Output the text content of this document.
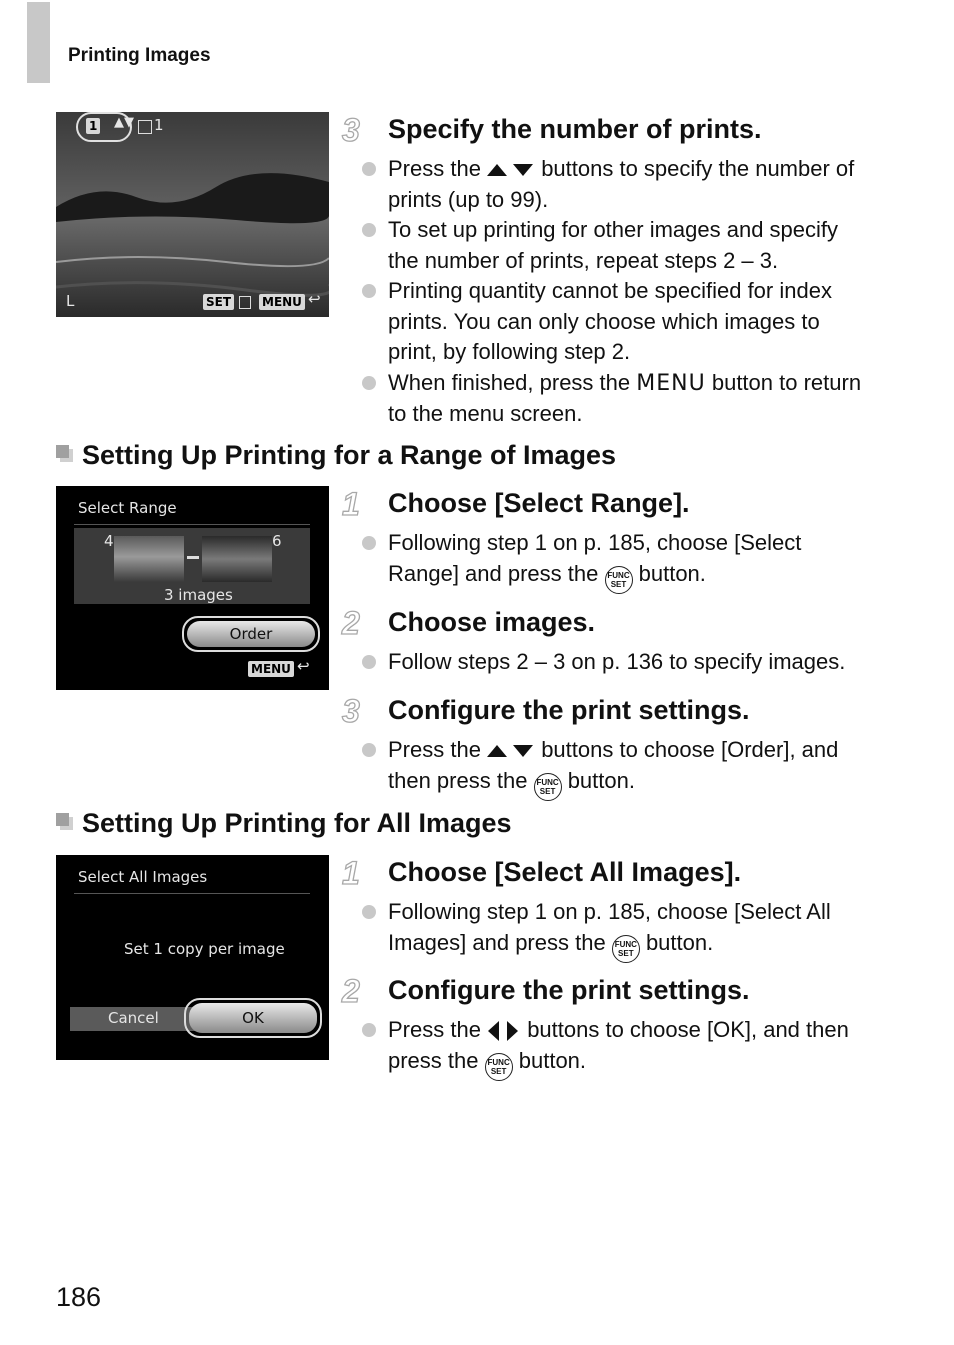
Printing Images
1 ▲▼ 1
L	SET	MENU ↩
3 Specify the number of prints.
Press the	buttons to specify the number of prints (up to 99).
To set up printing for other images and specify the number of prints, repeat steps 2 – 3.
Printing quantity cannot be specified for index prints. You can only choose which images to print, by following step 2.
When finished, press the MENU button to return to the menu screen.
Setting Up Printing for a Range of Images
Select Range
4	6
3 images
Order
MENU ↩
1 Choose [Select Range].
Following step 1 on p. 185, choose [Select Range] and press the FUNC
SET button.
2 Choose images.
Follow steps 2 – 3 on p. 136 to specify images.
3 Configure the print settings.
Press the	buttons to choose [Order], and then press the FUNC
SET button.
Setting Up Printing for All Images
Select All Images
Set 1 copy per image
Cancel	OK
1 Choose [Select All Images].
Following step 1 on p. 185, choose [Select All Images] and press the FUNC
SET button.
2 Configure the print settings.
Press the buttons to choose [OK], and then press the FUNC
SET button.
186
